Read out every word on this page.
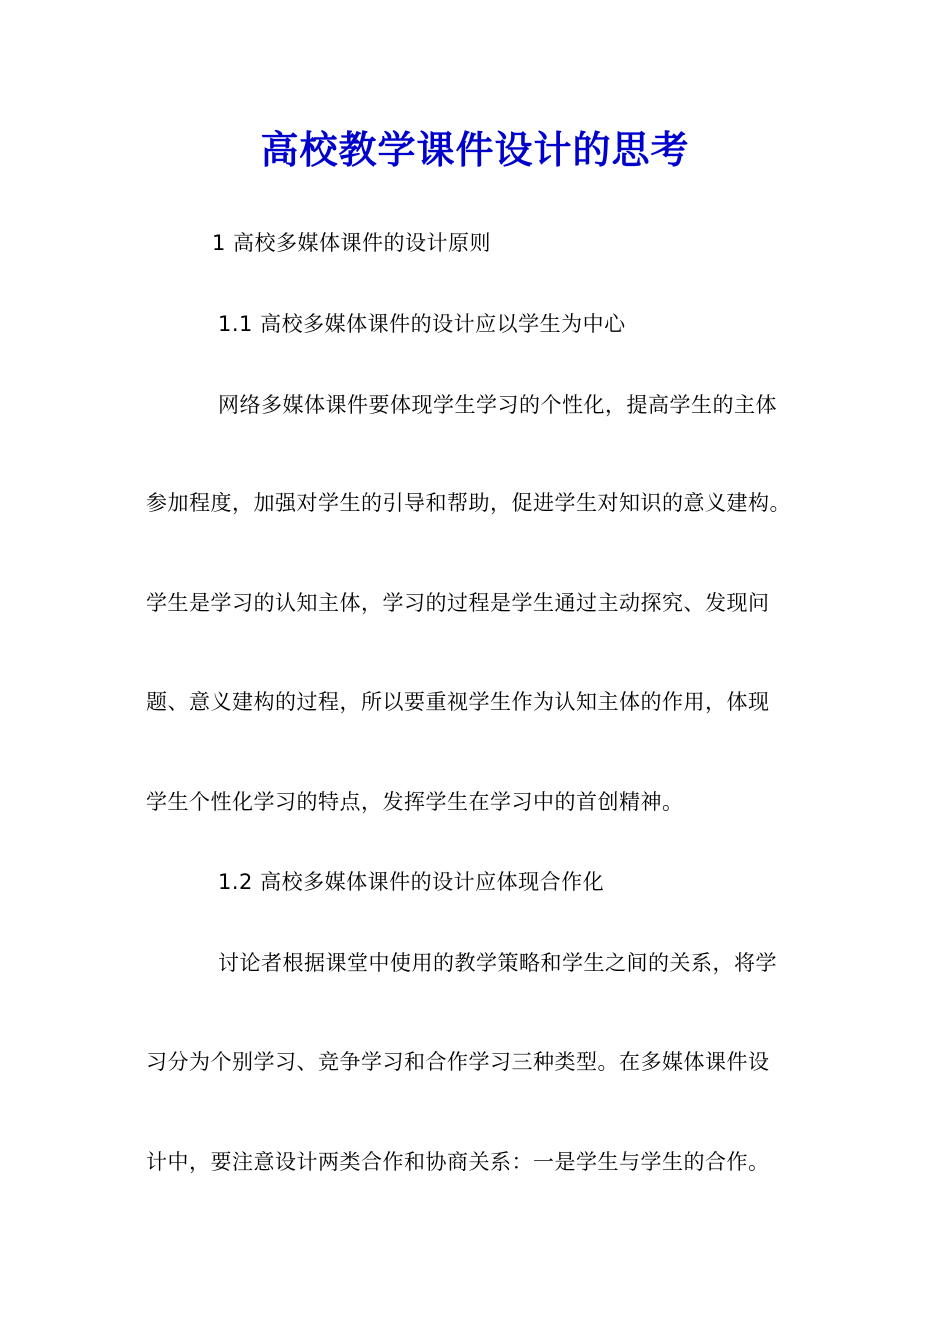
高校教学课件设计的思考
1 高校多媒体课件的设计原则
1.1 高校多媒体课件的设计应以学生为中心
网络多媒体课件要体现学生学习的个性化，提高学生的主体
参加程度，加强对学生的引导和帮助，促进学生对知识的意义建构。
学生是学习的认知主体，学习的过程是学生通过主动探究、发现问
题、意义建构的过程，所以要重视学生作为认知主体的作用，体现
学生个性化学习的特点，发挥学生在学习中的首创精神。
1.2 高校多媒体课件的设计应体现合作化
讨论者根据课堂中使用的教学策略和学生之间的关系，将学
习分为个别学习、竞争学习和合作学习三种类型。在多媒体课件设
计中，要注意设计两类合作和协商关系：一是学生与学生的合作。
